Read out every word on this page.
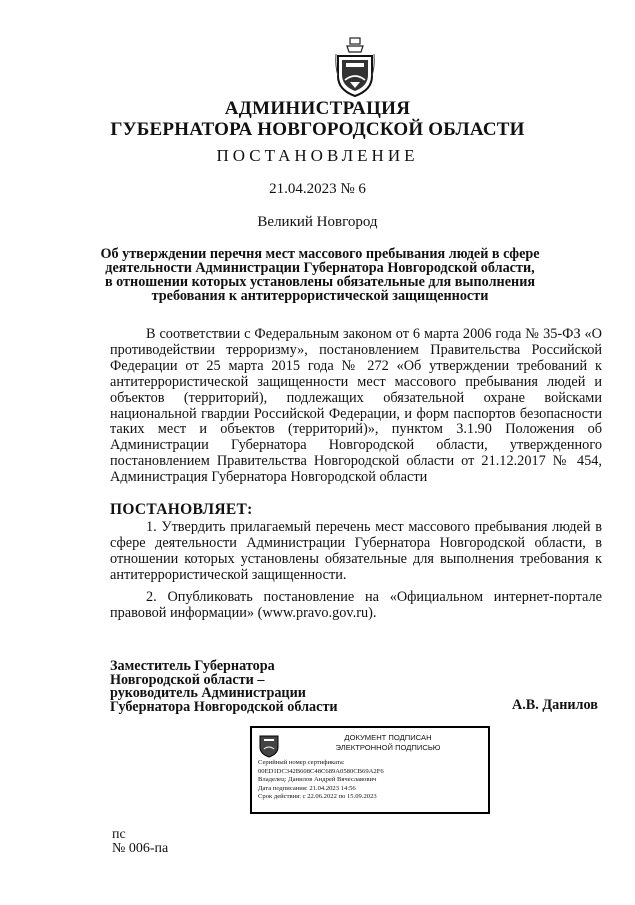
АДМИНИСТРАЦИЯ
ГУБЕРНАТОРА НОВГОРОДСКОЙ ОБЛАСТИ
ПОСТАНОВЛЕНИЕ
21.04.2023 № 6
Великий Новгород
Об утверждении перечня мест массового пребывания людей в сфере
деятельности Администрации Губернатора Новгородской области,
в отношении которых установлены обязательные для выполнения
требования к антитеррористической защищенности
В соответствии с Федеральным законом от 6 марта 2006 года № 35-ФЗ «О противодействии терроризму», постановлением Правительства Российской Федерации от 25 марта 2015 года № 272 «Об утверждении требований к антитеррористической защищенности мест массового пребывания людей и объектов (территорий), подлежащих обязательной охране войсками национальной гвардии Российской Федерации, и форм паспортов безопасности таких мест и объектов (территорий)», пунктом 3.1.90 Положения об Администрации Губернатора Новгородской области, утвержденного постановлением Правительства Новгородской области от 21.12.2017 № 454, Администрация Губернатора Новгородской области
ПОСТАНОВЛЯЕТ:
1. Утвердить прилагаемый перечень мест массового пребывания людей в сфере деятельности Администрации Губернатора Новгородской области, в отношении которых установлены обязательные для выполнения требования к антитеррористической защищенности.
2. Опубликовать постановление на «Официальном интернет-портале правовой информации» (www.pravo.gov.ru).
Заместитель Губернатора
Новгородской области –
руководитель Администрации
Губернатора Новгородской области	А.В. Данилов
ДОКУМЕНТ ПОДПИСАН
ЭЛЕКТРОННОЙ ПОДПИСЬЮ
Серийный номер сертификата:
00ED1DC342B608C48C689A0580CB69A2F6
Владелец: Данилов Андрей Вячеславович
Дата подписания: 21.04.2023 14:56
Срок действия: с 22.06.2022 по 15.09.2023
пс
№ 006-па
